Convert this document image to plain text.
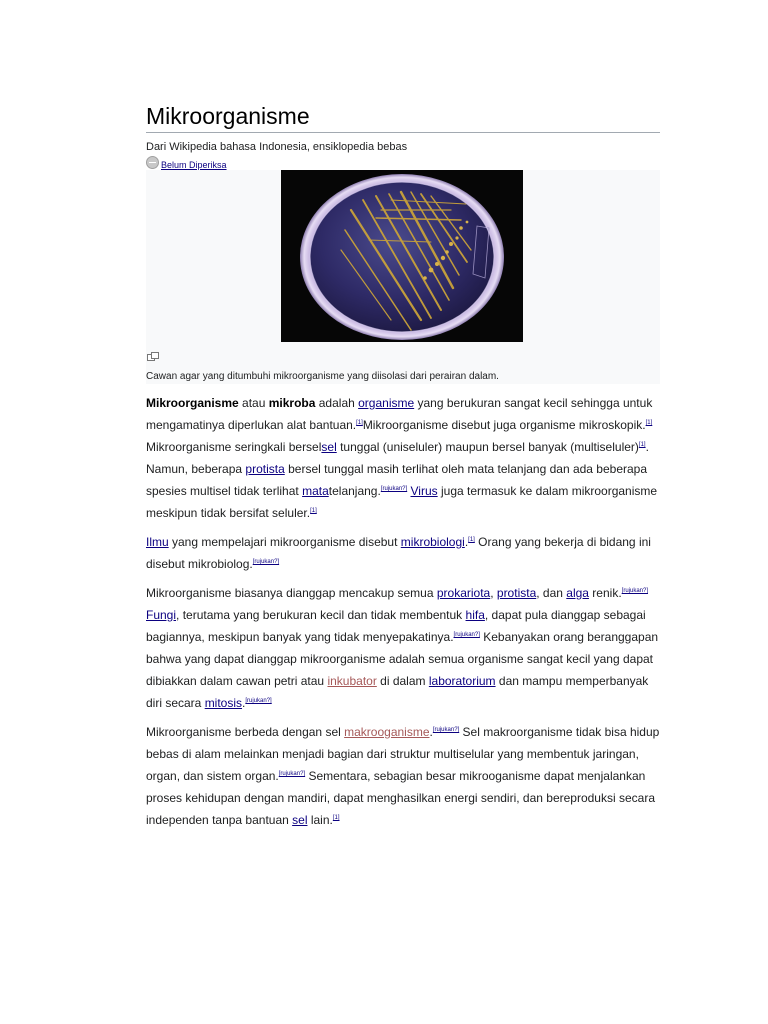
Mikroorganisme
Dari Wikipedia bahasa Indonesia, ensiklopedia bebas
Belum Diperiksa
Cawan agar yang ditumbuhi mikroorganisme yang diisolasi dari perairan dalam.

Mikroorganisme atau mikroba adalah organisme yang berukuran sangat kecil sehingga untuk mengamatinya diperlukan alat bantuan.[1]Mikroorganisme disebut juga organisme mikroskopik.[1] Mikroorganisme seringkali berselsel tunggal (uniseluler) maupun bersel banyak (multiseluler)[1]. Namun, beberapa protista bersel tunggal masih terlihat oleh mata telanjang dan ada beberapa spesies multisel tidak terlihat matatelanjang.[rujukan?] Virus juga termasuk ke dalam mikroorganisme meskipun tidak bersifat seluler.[1]

Ilmu yang mempelajari mikroorganisme disebut mikrobiologi.[1] Orang yang bekerja di bidang ini disebut mikrobiolog.[rujukan?]

Mikroorganisme biasanya dianggap mencakup semua prokariota, protista, dan alga renik.[rujukan?] Fungi, terutama yang berukuran kecil dan tidak membentuk hifa, dapat pula dianggap sebagai bagiannya, meskipun banyak yang tidak menyepakatinya.[rujukan?] Kebanyakan orang beranggapan bahwa yang dapat dianggap mikroorganisme adalah semua organisme sangat kecil yang dapat dibiakkan dalam cawan petri atau inkubator di dalam laboratorium dan mampu memperbanyak diri secara mitosis.[rujukan?]

Mikroorganisme berbeda dengan sel makrooganisme.[rujukan?] Sel makroorganisme tidak bisa hidup bebas di alam melainkan menjadi bagian dari struktur multiselular yang membentuk jaringan, organ, dan sistem organ.[rujukan?] Sementara, sebagian besar mikrooganisme dapat menjalankan proses kehidupan dengan mandiri, dapat menghasilkan energi sendiri, dan bereproduksi secara independen tanpa bantuan sel lain.[1]
